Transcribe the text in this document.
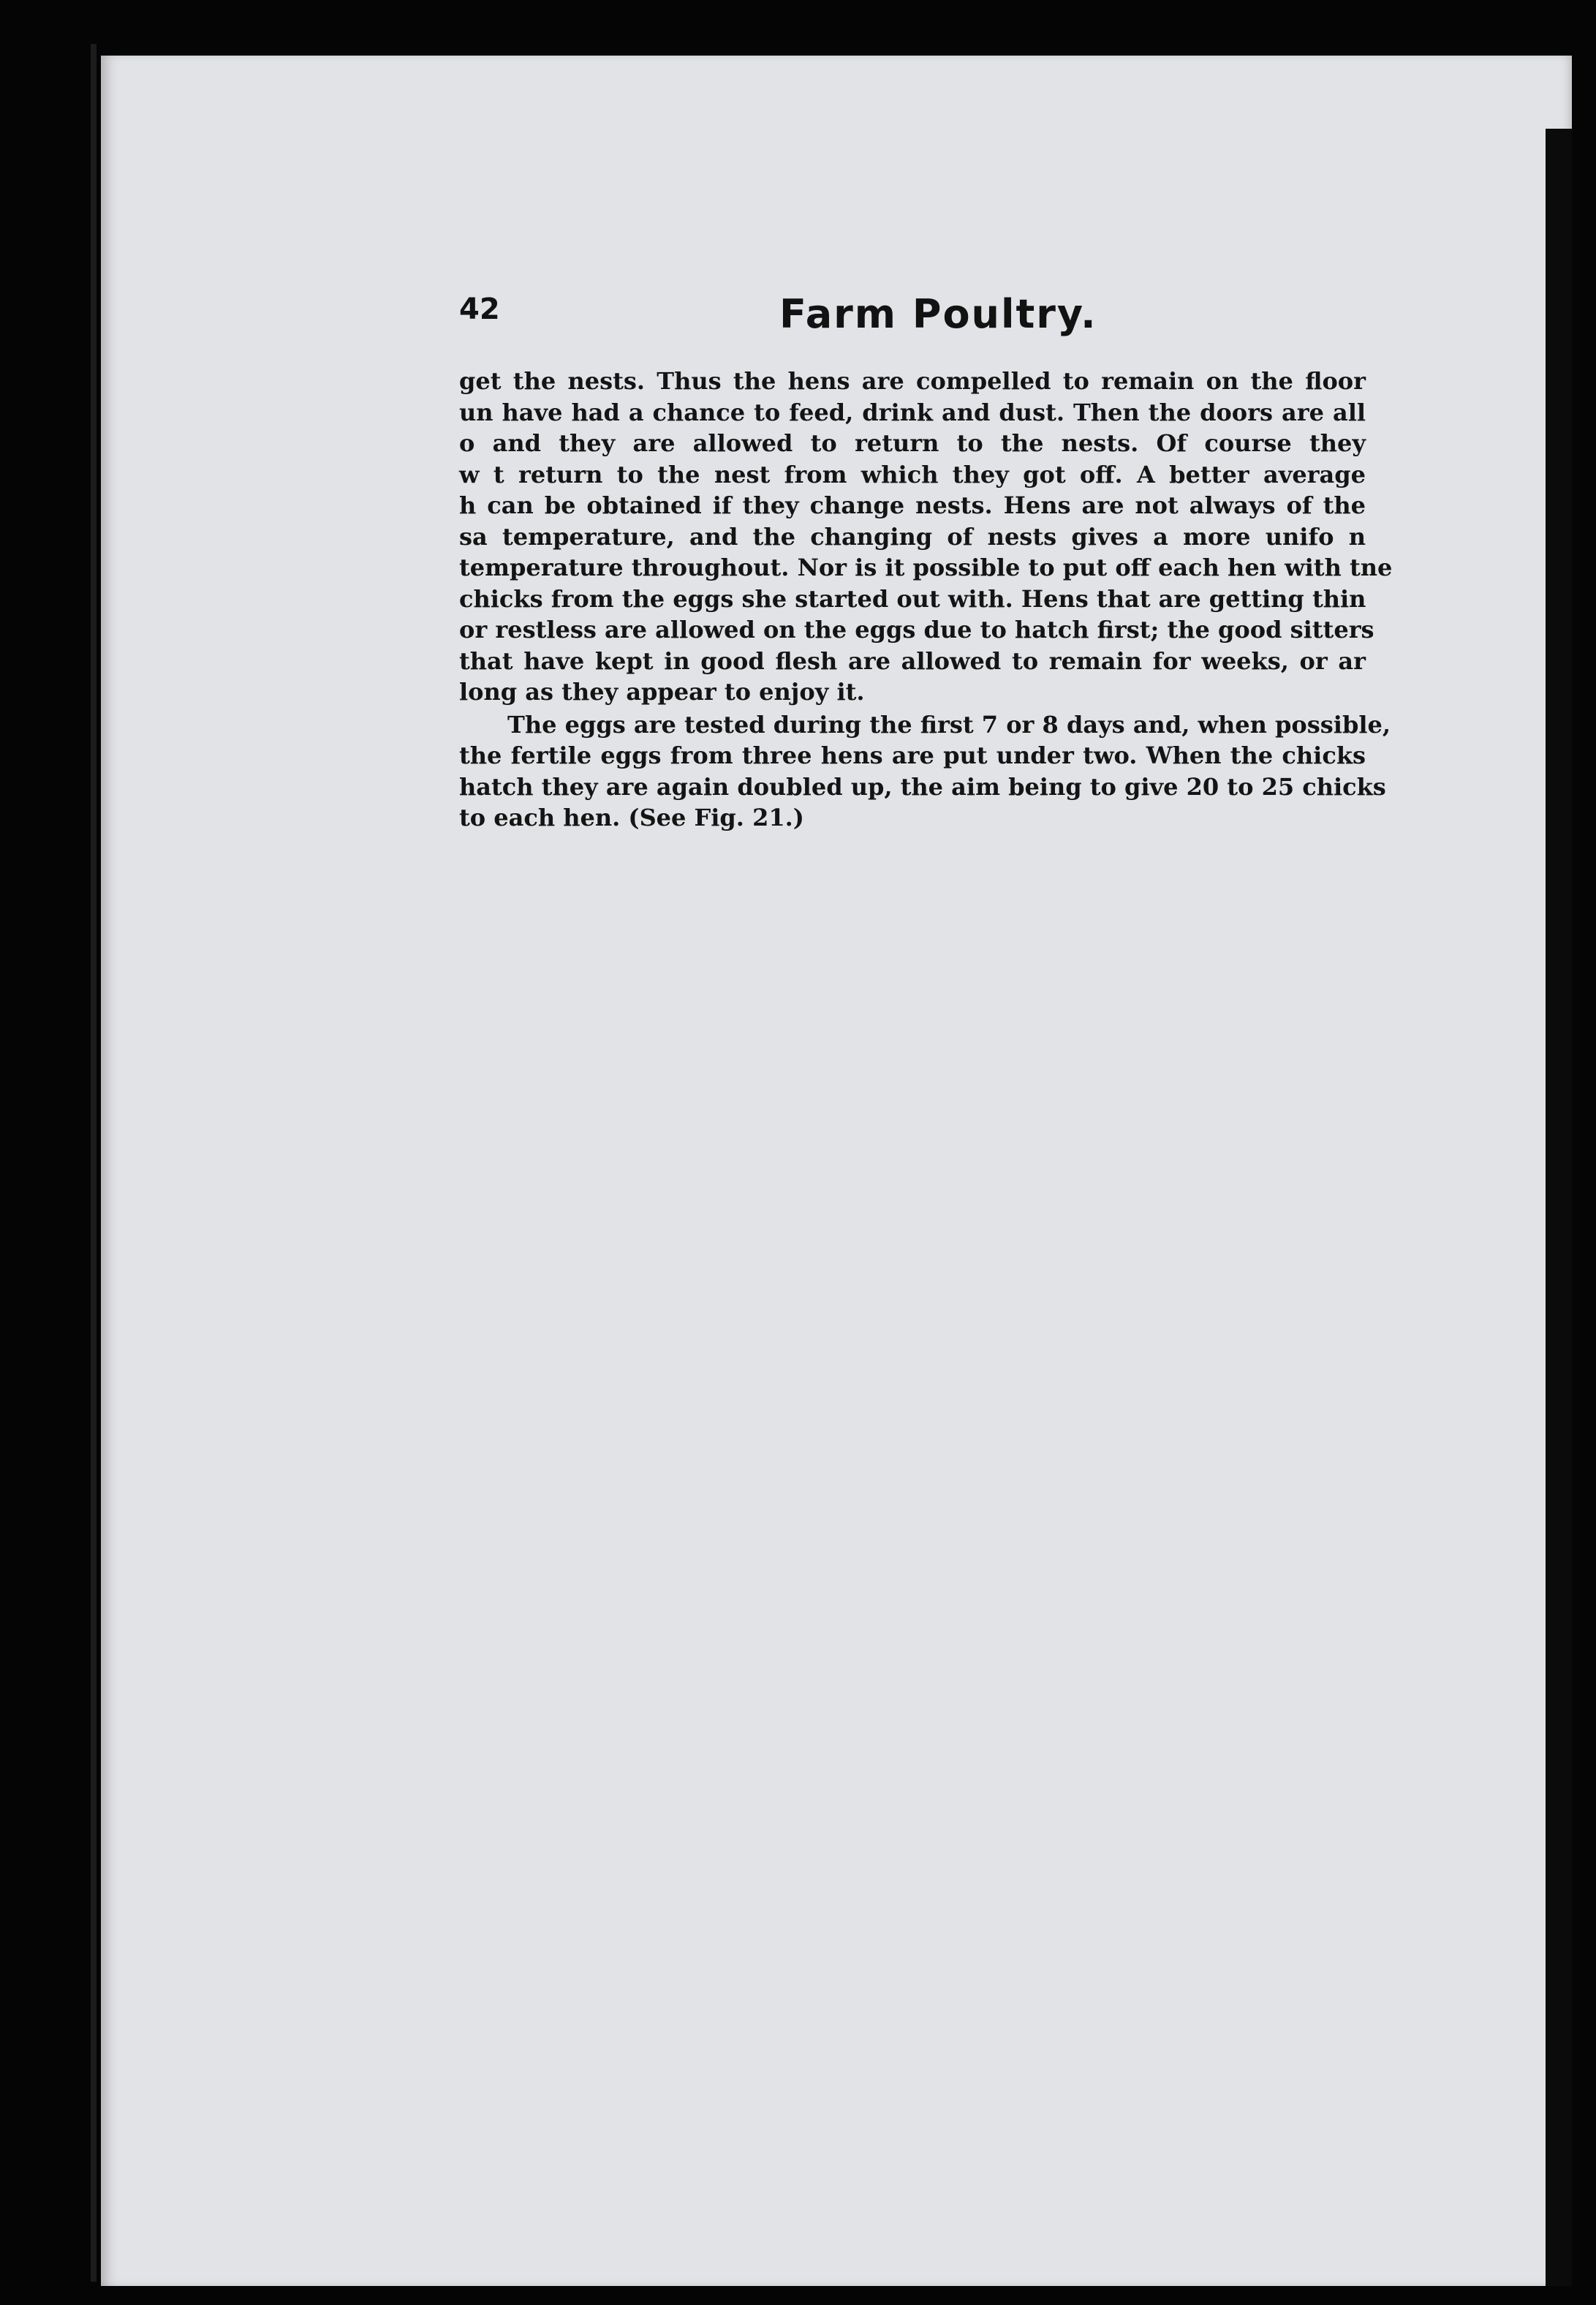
42	Farm Poultry.

get the nests. Thus the hens are compelled to remain on the floor
un have had a chance to feed, drink and dust. Then the doors are all
o and they are allowed to return to the nests. Of course they
w t return to the nest from which they got off. A better average
h can be obtained if they change nests. Hens are not always of the
sa temperature, and the changing of nests gives a more unifo n
temperature throughout. Nor is it possible to put off each hen with tne
chicks from the eggs she started out with. Hens that are getting thin
or restless are allowed on the eggs due to hatch first; the good sitters
that have kept in good flesh are allowed to remain for weeks, or ar
long as they appear to enjoy it.

The eggs are tested during the first 7 or 8 days and, when possible,
the fertile eggs from three hens are put under two. When the chicks
hatch they are again doubled up, the aim being to give 20 to 25 chicks
to each hen. (See Fig. 21.)
